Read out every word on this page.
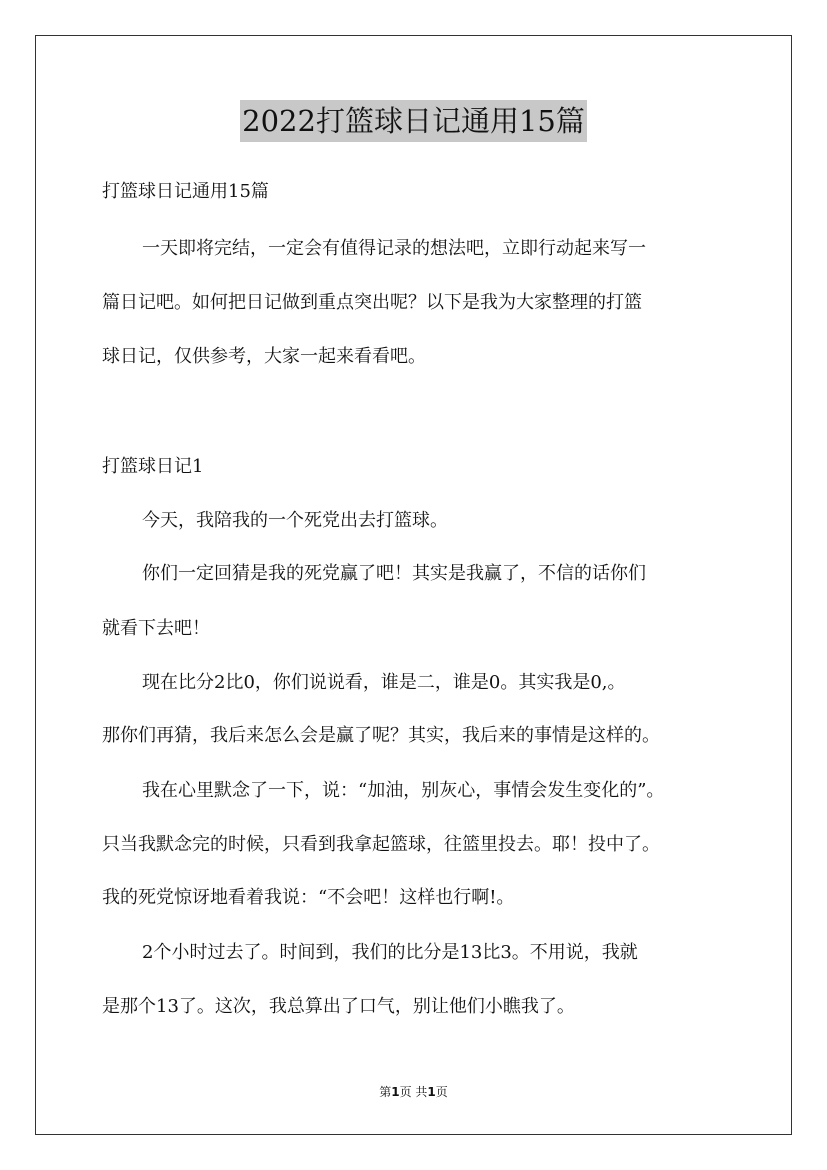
2022打篮球日记通用15篇
打篮球日记通用15篇
一天即将完结，一定会有值得记录的想法吧，立即行动起来写一
篇日记吧。如何把日记做到重点突出呢？以下是我为大家整理的打篮
球日记，仅供参考，大家一起来看看吧。
打篮球日记1
今天，我陪我的一个死党出去打篮球。
你们一定回猜是我的死党赢了吧！其实是我赢了，不信的话你们
就看下去吧！
现在比分2比0，你们说说看，谁是二，谁是0。其实我是0,。
那你们再猜，我后来怎么会是赢了呢？其实，我后来的事情是这样的。
我在心里默念了一下，说：“加油，别灰心，事情会发生变化的”。
只当我默念完的时候，只看到我拿起篮球，往篮里投去。耶！投中了。
我的死党惊讶地看着我说：“不会吧！这样也行啊!。
2个小时过去了。时间到，我们的比分是13比3。不用说，我就
是那个13了。这次，我总算出了口气，别让他们小瞧我了。
第1页 共1页
